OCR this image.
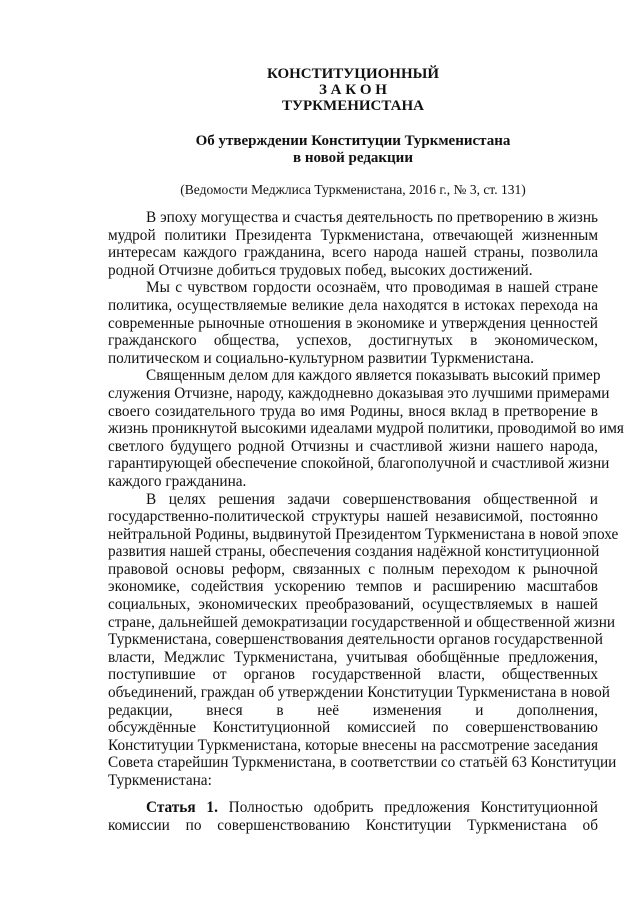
КОНСТИТУЦИОННЫЙ
З А К О Н
ТУРКМЕНИСТАНА
Об утверждении Конституции Туркменистана
в новой редакции
(Ведомости Меджлиса Туркменистана, 2016 г., № 3, ст. 131)
В эпоху могущества и счастья деятельность по претворению в жизнь
мудрой политики Президента Туркменистана, отвечающей жизненным
интересам каждого гражданина, всего народа нашей страны, позволила
родной Отчизне добиться трудовых побед, высоких достижений.
Мы с чувством гордости осознаём, что проводимая в нашей стране
политика, осуществляемые великие дела находятся в истоках перехода на
современные рыночные отношения в экономике и утверждения ценностей
гражданского общества, успехов, достигнутых в экономическом,
политическом и социально-культурном развитии Туркменистана.
Священным делом для каждого является показывать высокий пример
служения Отчизне, народу, каждодневно доказывая это лучшими примерами
своего созидательного труда во имя Родины, внося вклад в претворение в
жизнь проникнутой высокими идеалами мудрой политики, проводимой во имя
светлого будущего родной Отчизны и счастливой жизни нашего народа,
гарантирующей обеспечение спокойной, благополучной и счастливой жизни
каждого гражданина.
В целях решения задачи совершенствования общественной и
государственно-политической структуры нашей независимой, постоянно
нейтральной Родины, выдвинутой Президентом Туркменистана в новой эпохе
развития нашей страны, обеспечения создания надёжной конституционной
правовой основы реформ, связанных с полным переходом к рыночной
экономике, содействия ускорению темпов и расширению масштабов
социальных, экономических преобразований, осуществляемых в нашей
стране, дальнейшей демократизации государственной и общественной жизни
Туркменистана, совершенствования деятельности органов государственной
власти, Меджлис Туркменистана, учитывая обобщённые предложения,
поступившие от органов государственной власти, общественных
объединений, граждан об утверждении Конституции Туркменистана в новой
редакции, внеся в неё изменения и дополнения,
обсуждённые Конституционной комиссией по совершенствованию
Конституции Туркменистана, которые внесены на рассмотрение заседания
Совета старейшин Туркменистана, в соответствии со статьёй 63 Конституции
Туркменистана:
Статья 1. Полностью одобрить предложения Конституционной
комиссии по совершенствованию Конституции Туркменистана об
